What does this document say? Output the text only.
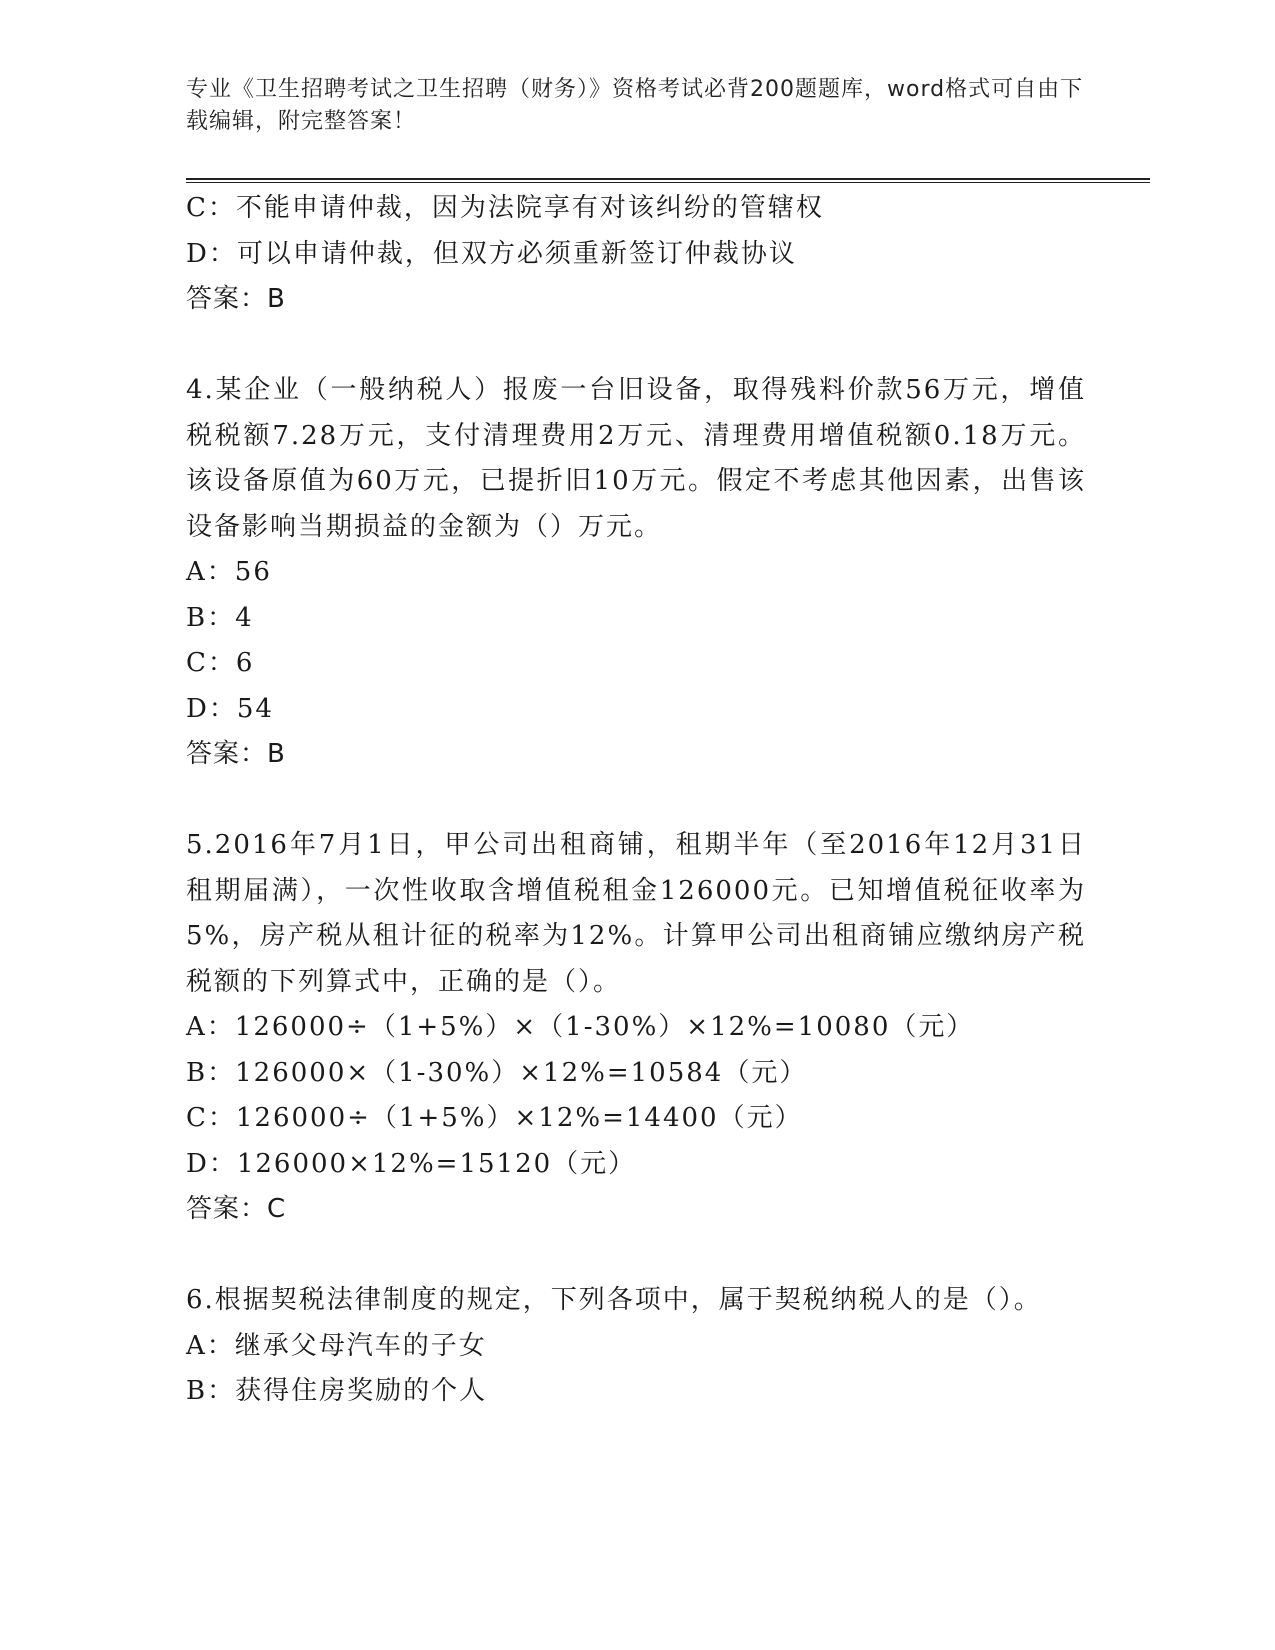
专业《卫生招聘考试之卫生招聘（财务）》资格考试必背200题题库，word格式可自由下载编辑，附完整答案！
C：不能申请仲裁，因为法院享有对该纠纷的管辖权
D：可以申请仲裁，但双方必须重新签订仲裁协议
答案：B
4.某企业（一般纳税人）报废一台旧设备，取得残料价款56万元，增值税税额7.28万元，支付清理费用2万元、清理费用增值税额0.18万元。该设备原值为60万元，已提折旧10万元。假定不考虑其他因素，出售该设备影响当期损益的金额为（）万元。
A：56
B：4
C：6
D：54
答案：B
5.2016年7月1日，甲公司出租商铺，租期半年（至2016年12月31日租期届满），一次性收取含增值税租金126000元。已知增值税征收率为5%，房产税从租计征的税率为12%。计算甲公司出租商铺应缴纳房产税税额的下列算式中，正确的是（）。
A：126000÷（1+5%）×（1-30%）×12%=10080（元）
B：126000×（1-30%）×12%=10584（元）
C：126000÷（1+5%）×12%=14400（元）
D：126000×12%=15120（元）
答案：C
6.根据契税法律制度的规定，下列各项中，属于契税纳税人的是（）。
A：继承父母汽车的子女
B：获得住房奖励的个人
